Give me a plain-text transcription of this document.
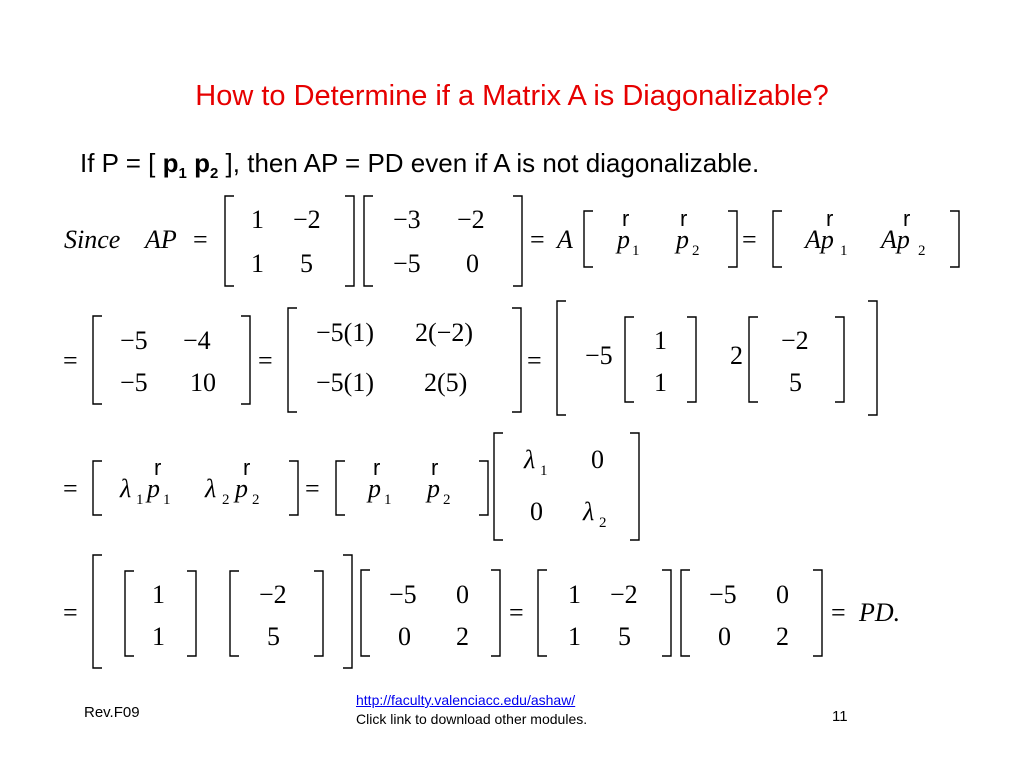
How to Determine if a Matrix A is Diagonalizable?
If P = [ $p_1$ $p_2$ ], then AP = PD even if A is not diagonalizable.
Since AP =
1 −2
1 5
−3 −2
−5 0
= A
r
p 1
r
p 2 =
r
Ap 1
r
Ap 2
=
−5 −4
−5 10
=
−5(1) 2(−2)
−5(1) 2(5)
= −5
1
1
2
−2
5
= λ 1
r
p 1 λ 2
r
p 2 =
r
p 1
r
p 2
λ 1 0
0 λ 2
=
1
1
−2
5
−5 0
0 2
=
1 −2
1 5
−5 0
0 2
= PD.
Rev.F09
http://faculty.valenciacc.edu/ashaw/
Click link to download other modules.	11
